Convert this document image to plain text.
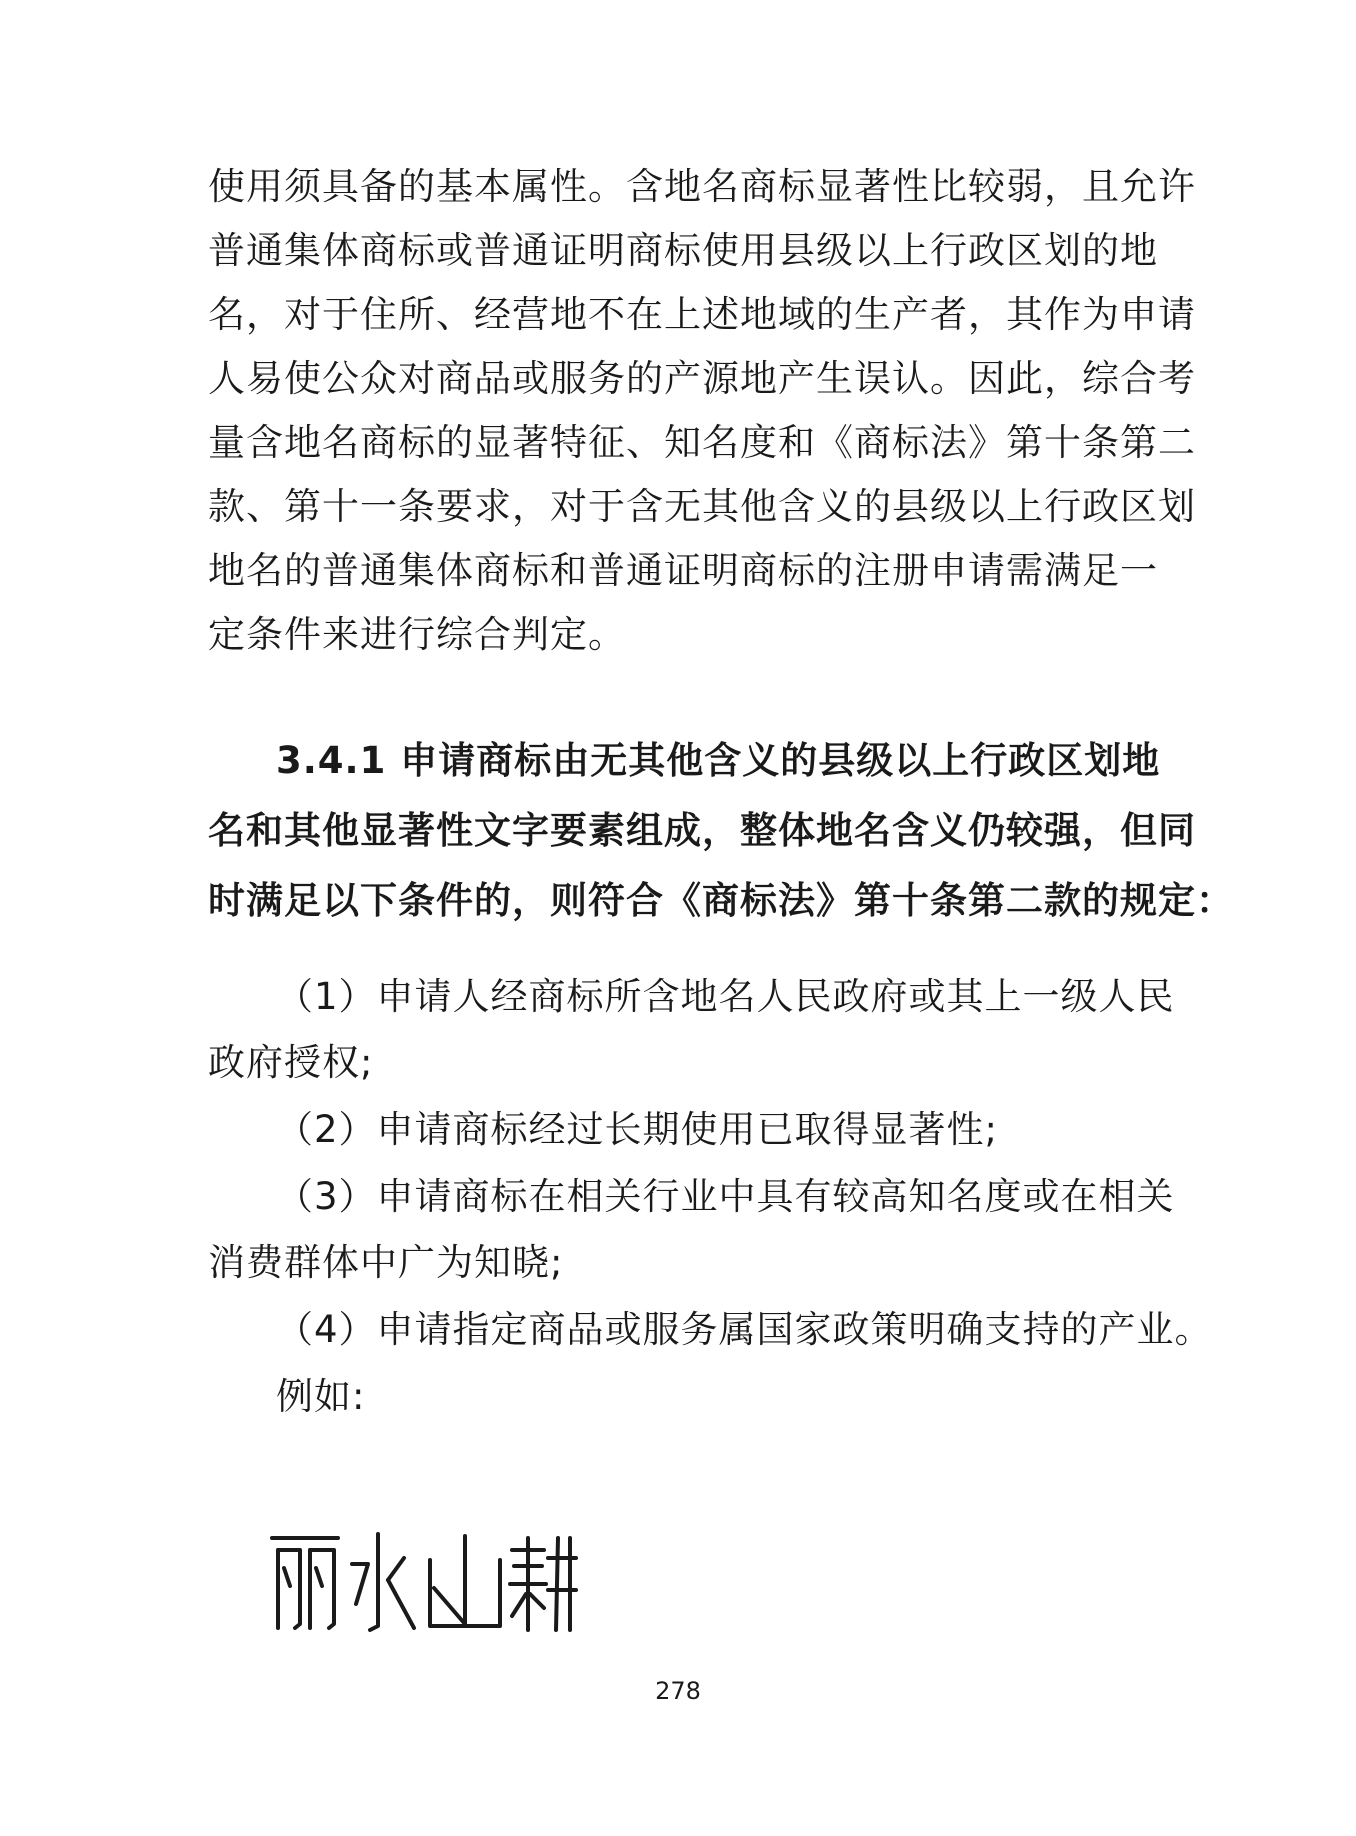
使用须具备的基本属性。含地名商标显著性比较弱，且允许
普通集体商标或普通证明商标使用县级以上行政区划的地
名，对于住所、经营地不在上述地域的生产者，其作为申请
人易使公众对商品或服务的产源地产生误认。因此，综合考
量含地名商标的显著特征、知名度和《商标法》第十条第二
款、第十一条要求，对于含无其他含义的县级以上行政区划
地名的普通集体商标和普通证明商标的注册申请需满足一
定条件来进行综合判定。
3.4.1 申请商标由无其他含义的县级以上行政区划地
名和其他显著性文字要素组成，整体地名含义仍较强，但同
时满足以下条件的，则符合《商标法》第十条第二款的规定：
（1）申请人经商标所含地名人民政府或其上一级人民
政府授权;
（2）申请商标经过长期使用已取得显著性;
（3）申请商标在相关行业中具有较高知名度或在相关
消费群体中广为知晓;
（4）申请指定商品或服务属国家政策明确支持的产业。
例如:
278
